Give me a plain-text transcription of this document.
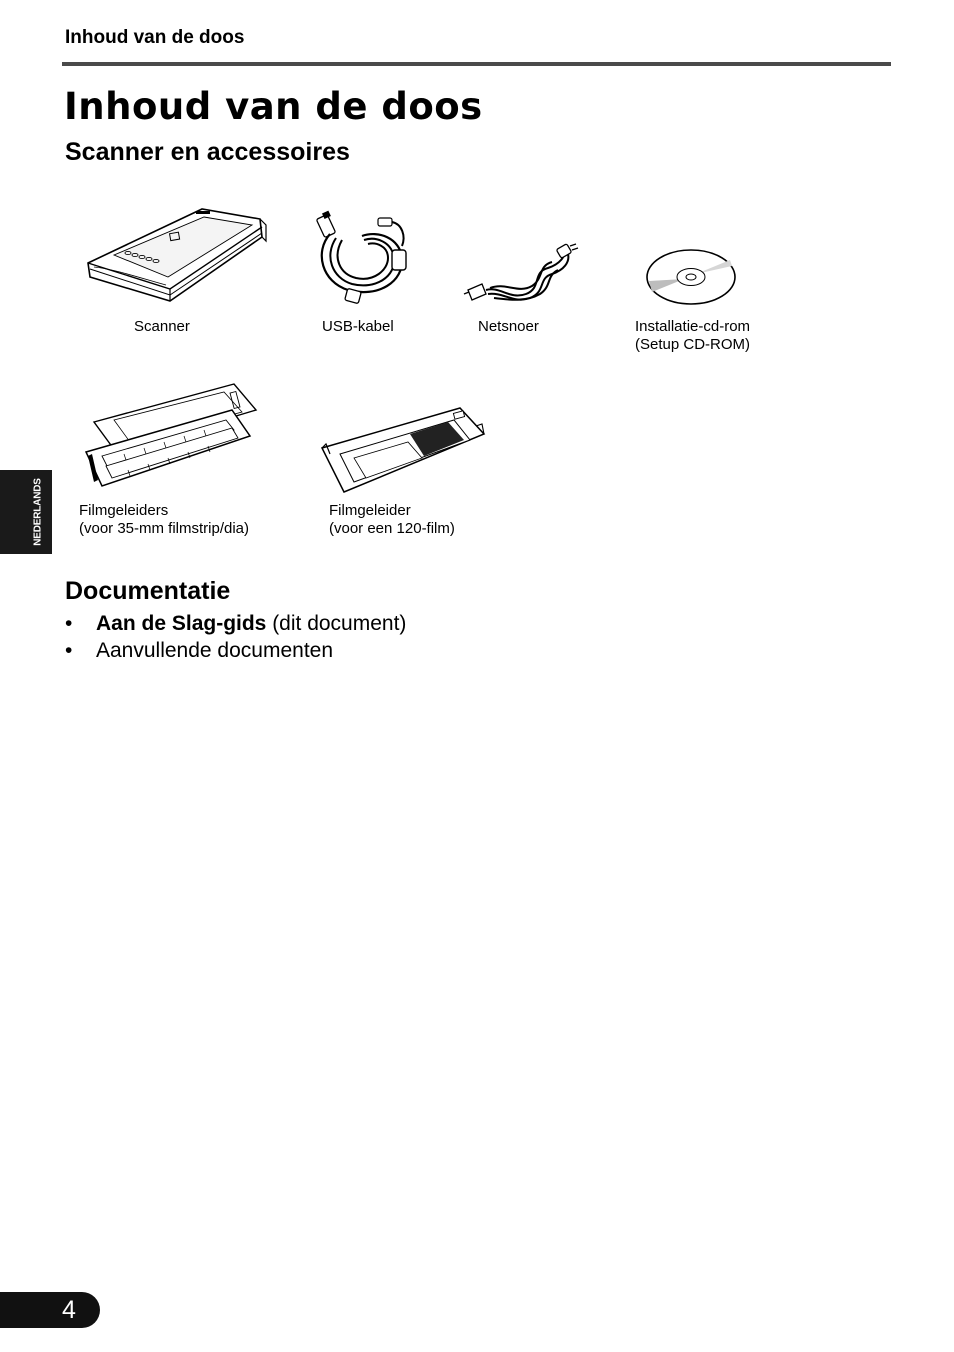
Inhoud van de doos
Inhoud van de doos
Scanner en accessoires
Scanner	USB-kabel	Netsnoer	Installatie-cd-rom
(Setup CD-ROM)
Filmgeleiders
(voor 35-mm filmstrip/dia)
Filmgeleider
(voor een 120-film)
Documentatie
• Aan de Slag-gids (dit document)
• Aanvullende documenten
NEDERLANDS
4
